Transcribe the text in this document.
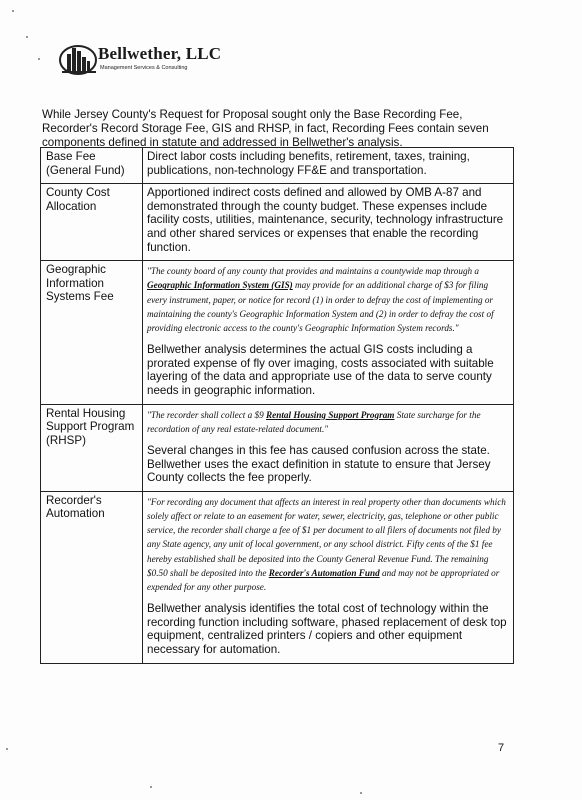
Bellwether, LLC
Management Services & Consulting

While Jersey County's Request for Proposal sought only the Base Recording Fee, Recorder's Record Storage Fee, GIS and RHSP, in fact, Recording Fees contain seven components defined in statute and addressed in Bellwether's analysis.

Base Fee (General Fund)	Direct labor costs including benefits, retirement, taxes, training, publications, non-technology FF&E and transportation.

County Cost Allocation	Apportioned indirect costs defined and allowed by OMB A-87 and demonstrated through the county budget. These expenses include facility costs, utilities, maintenance, security, technology infrastructure and other shared services or expenses that enable the recording function.

Geographic Information Systems Fee	"The county board of any county that provides and maintains a countywide map through a Geographic Information System (GIS) may provide for an additional charge of $3 for filing every instrument, paper, or notice for record (1) in order to defray the cost of implementing or maintaining the county's Geographic Information System and (2) in order to defray the cost of providing electronic access to the county's Geographic Information System records."

Bellwether analysis determines the actual GIS costs including a prorated expense of fly over imaging, costs associated with suitable layering of the data and appropriate use of the data to serve county needs in geographic information.

Rental Housing Support Program (RHSP)	"The recorder shall collect a $9 Rental Housing Support Program State surcharge for the recordation of any real estate-related document."

Several changes in this fee has caused confusion across the state. Bellwether uses the exact definition in statute to ensure that Jersey County collects the fee properly.

Recorder's Automation	"For recording any document that affects an interest in real property other than documents which solely affect or relate to an easement for water, sewer, electricity, gas, telephone or other public service, the recorder shall charge a fee of $1 per document to all filers of documents not filed by any State agency, any unit of local government, or any school district. Fifty cents of the $1 fee hereby established shall be deposited into the County General Revenue Fund. The remaining $0.50 shall be deposited into the Recorder's Automation Fund and may not be appropriated or expended for any other purpose.

Bellwether analysis identifies the total cost of technology within the recording function including software, phased replacement of desk top equipment, centralized printers / copiers and other equipment necessary for automation.

7
